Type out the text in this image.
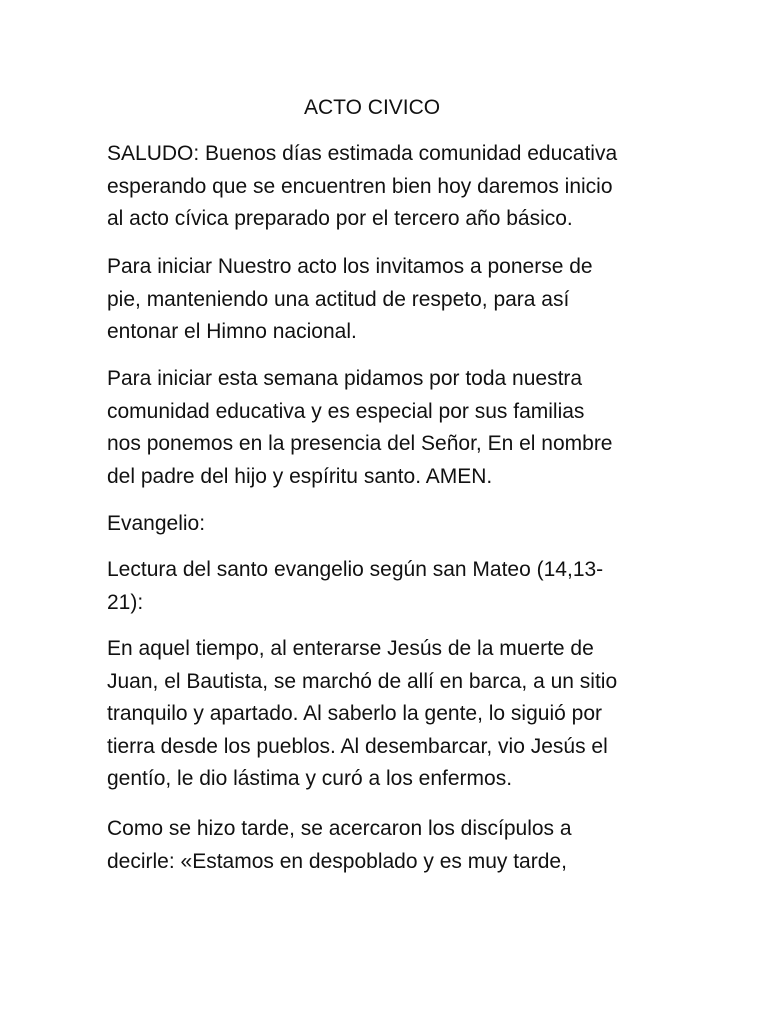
ACTO CIVICO

SALUDO: Buenos días estimada comunidad educativa
esperando que se encuentren bien hoy daremos inicio
al acto cívica preparado por el tercero año básico.

Para iniciar Nuestro acto los invitamos a ponerse de
pie, manteniendo una actitud de respeto, para así
entonar el Himno nacional.

Para iniciar esta semana pidamos por toda nuestra
comunidad educativa y es especial por sus familias
nos ponemos en la presencia del Señor, En el nombre
del padre del hijo y espíritu santo. AMEN.

Evangelio:

Lectura del santo evangelio según san Mateo (14,13-
21):

En aquel tiempo, al enterarse Jesús de la muerte de
Juan, el Bautista, se marchó de allí en barca, a un sitio
tranquilo y apartado. Al saberlo la gente, lo siguió por
tierra desde los pueblos. Al desembarcar, vio Jesús el
gentío, le dio lástima y curó a los enfermos.

Como se hizo tarde, se acercaron los discípulos a
decirle: «Estamos en despoblado y es muy tarde,
